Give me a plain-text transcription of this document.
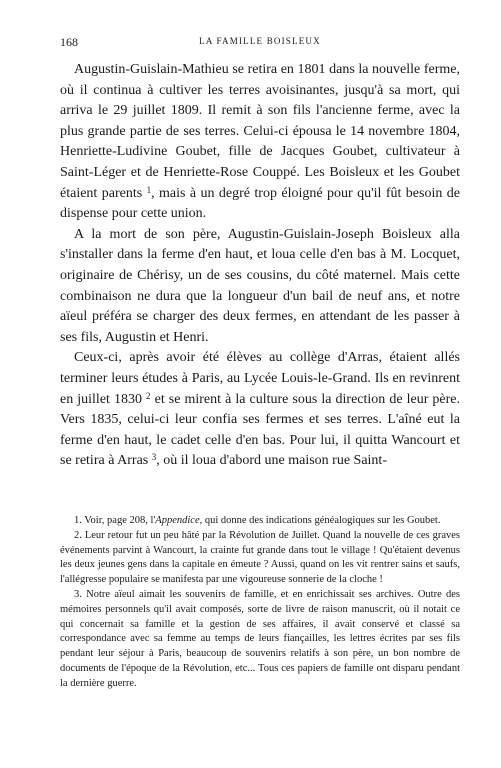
168	LA FAMILLE BOISLEUX

Augustin-Guislain-Mathieu se retira en 1801 dans la nouvelle ferme, où il continua à cultiver les terres avoisinantes, jusqu'à sa mort, qui arriva le 29 juillet 1809. Il remit à son fils l'ancienne ferme, avec la plus grande partie de ses terres. Celui-ci épousa le 14 novembre 1804, Henriette-Ludivine Goubet, fille de Jacques Goubet, cultivateur à Saint-Léger et de Henriette-Rose Couppé. Les Boisleux et les Goubet étaient parents $^1$, mais à un degré trop éloigné pour qu'il fût besoin de dispense pour cette union.

A la mort de son père, Augustin-Guislain-Joseph Boisleux alla s'installer dans la ferme d'en haut, et loua celle d'en bas à M. Locquet, originaire de Chérisy, un de ses cousins, du côté maternel. Mais cette combinaison ne dura que la longueur d'un bail de neuf ans, et notre aïeul préféra se charger des deux fermes, en attendant de les passer à ses fils, Augustin et Henri.

Ceux-ci, après avoir été élèves au collège d'Arras, étaient allés terminer leurs études à Paris, au Lycée Louis-le-Grand. Ils en revinrent en juillet 1830 $^2$ et se mirent à la culture sous la direction de leur père. Vers 1835, celui-ci leur confia ses fermes et ses terres. L'aîné eut la ferme d'en haut, le cadet celle d'en bas. Pour lui, il quitta Wancourt et se retira à Arras $^3$, où il loua d'abord une maison rue Saint-

1. Voir, page 208, l'Appendice, qui donne des indications généalogiques sur les Goubet.

2. Leur retour fut un peu hâté par la Révolution de Juillet. Quand la nouvelle de ces graves événements parvint à Wancourt, la crainte fut grande dans tout le village ! Qu'étaient devenus les deux jeunes gens dans la capitale en émeute ? Aussi, quand on les vit rentrer sains et saufs, l'allégresse populaire se manifesta par une vigoureuse sonnerie de la cloche !

3. Notre aïeul aimait les souvenirs de famille, et en enrichissait ses archives. Outre des mémoires personnels qu'il avait composés, sorte de livre de raison manuscrit, où il notait ce qui concernait sa famille et la gestion de ses affaires, il avait conservé et classé sa correspondance avec sa femme au temps de leurs fiançailles, les lettres écrites par ses fils pendant leur séjour à Paris, beaucoup de souvenirs relatifs à son père, un bon nombre de documents de l'époque de la Révolution, etc... Tous ces papiers de famille ont disparu pendant la dernière guerre.
